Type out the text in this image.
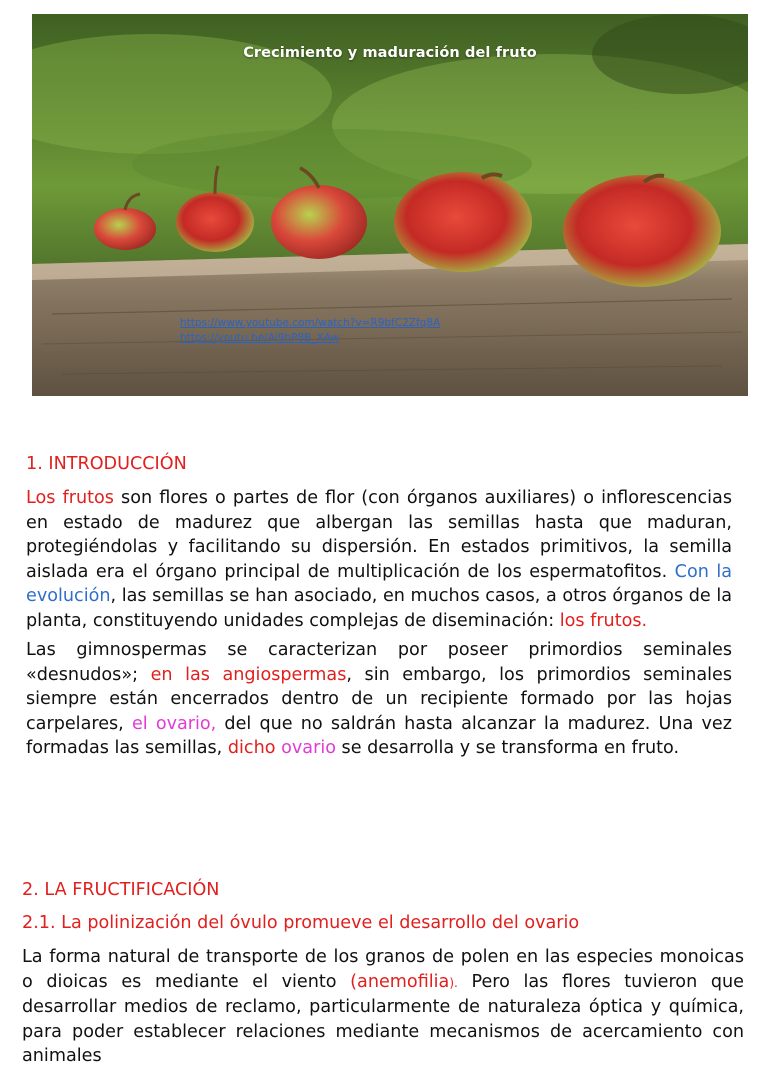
Crecimiento y maduración del fruto
https://www.youtube.com/watch?v=R9bfC2Zfq8A
https://youtu.be/Aj9hP8B_XAw
1. INTRODUCCIÓN
Los frutos son flores o partes de flor (con órganos auxiliares) o inflorescencias en estado de madurez que albergan las semillas hasta que maduran, protegiéndolas y facilitando su dispersión. En estados primitivos, la semilla aislada era el órgano principal de multiplicación de los espermatofitos. Con la evolución, las semillas se han asociado, en muchos casos, a otros órganos de la planta, constituyendo unidades complejas de diseminación: los frutos.
Las gimnospermas se caracterizan por poseer primordios seminales «desnudos»; en las angiospermas, sin embargo, los primordios seminales siempre están encerrados dentro de un recipiente formado por las hojas carpelares, el ovario, del que no saldrán hasta alcanzar la madurez. Una vez formadas las semillas, dicho ovario se desarrolla y se transforma en fruto.
2. LA FRUCTIFICACIÓN
2.1. La polinización del óvulo promueve el desarrollo del ovario
La forma natural de transporte de los granos de polen en las especies monoicas o dioicas es mediante el viento (anemofilia). Pero las flores tuvieron que desarrollar medios de reclamo, particularmente de naturaleza óptica y química, para poder establecer relaciones mediante mecanismos de acercamiento con animales
